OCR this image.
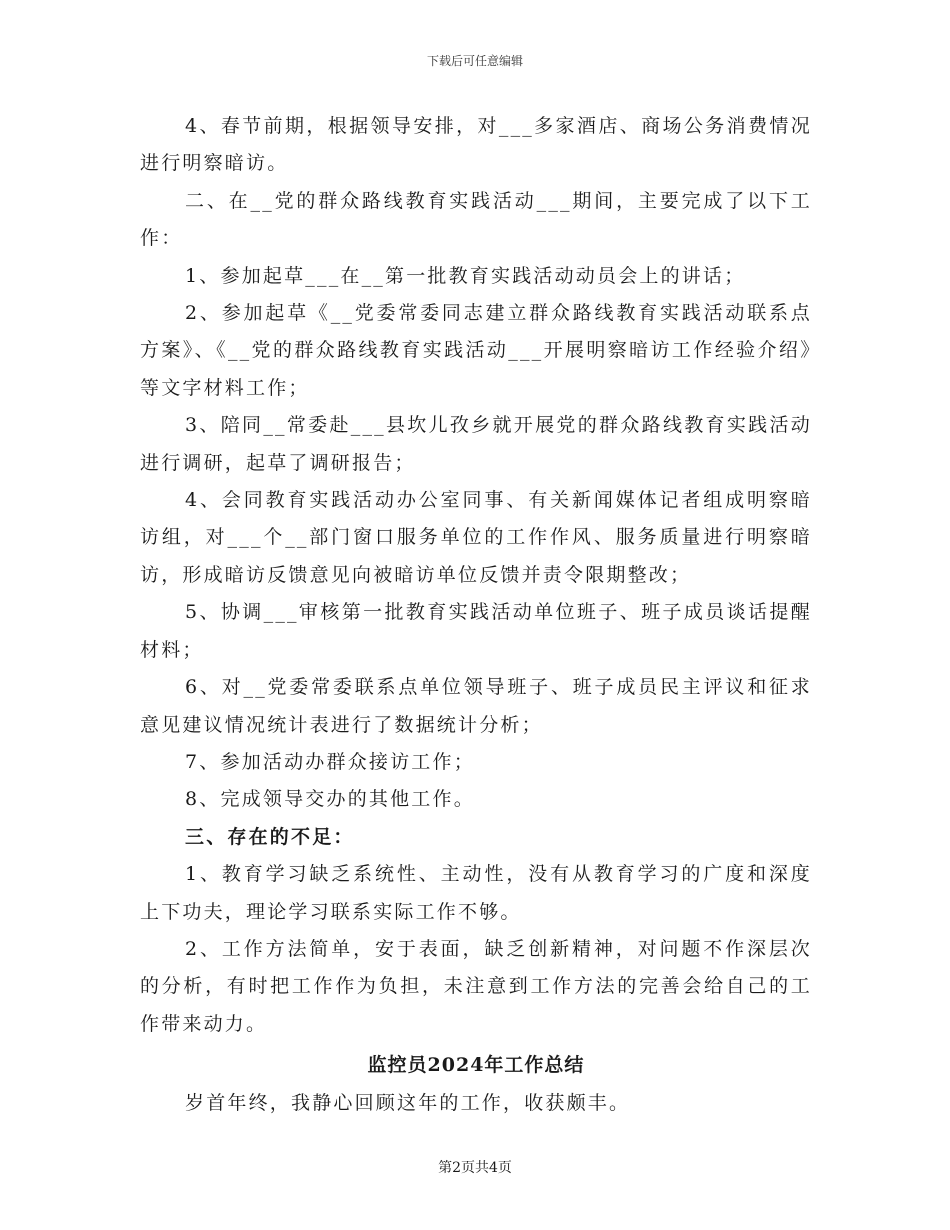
下载后可任意编辑

4、春节前期，根据领导安排，对___多家酒店、商场公务消费情况进行明察暗访。

二、在__党的群众路线教育实践活动___期间，主要完成了以下工作：

1、参加起草___在__第一批教育实践活动动员会上的讲话；

2、参加起草《__党委常委同志建立群众路线教育实践活动联系点方案》、《__党的群众路线教育实践活动___开展明察暗访工作经验介绍》等文字材料工作；

3、陪同__常委赴___县坎儿孜乡就开展党的群众路线教育实践活动进行调研，起草了调研报告；

4、会同教育实践活动办公室同事、有关新闻媒体记者组成明察暗访组，对___个__部门窗口服务单位的工作作风、服务质量进行明察暗访，形成暗访反馈意见向被暗访单位反馈并责令限期整改；

5、协调___审核第一批教育实践活动单位班子、班子成员谈话提醒材料；

6、对__党委常委联系点单位领导班子、班子成员民主评议和征求意见建议情况统计表进行了数据统计分析；

7、参加活动办群众接访工作；

8、完成领导交办的其他工作。

三、存在的不足：

1、教育学习缺乏系统性、主动性，没有从教育学习的广度和深度上下功夫，理论学习联系实际工作不够。

2、工作方法简单，安于表面，缺乏创新精神，对问题不作深层次的分析，有时把工作作为负担，未注意到工作方法的完善会给自己的工作带来动力。

监控员2024年工作总结

岁首年终，我静心回顾这年的工作，收获颇丰。

第2页共4页
